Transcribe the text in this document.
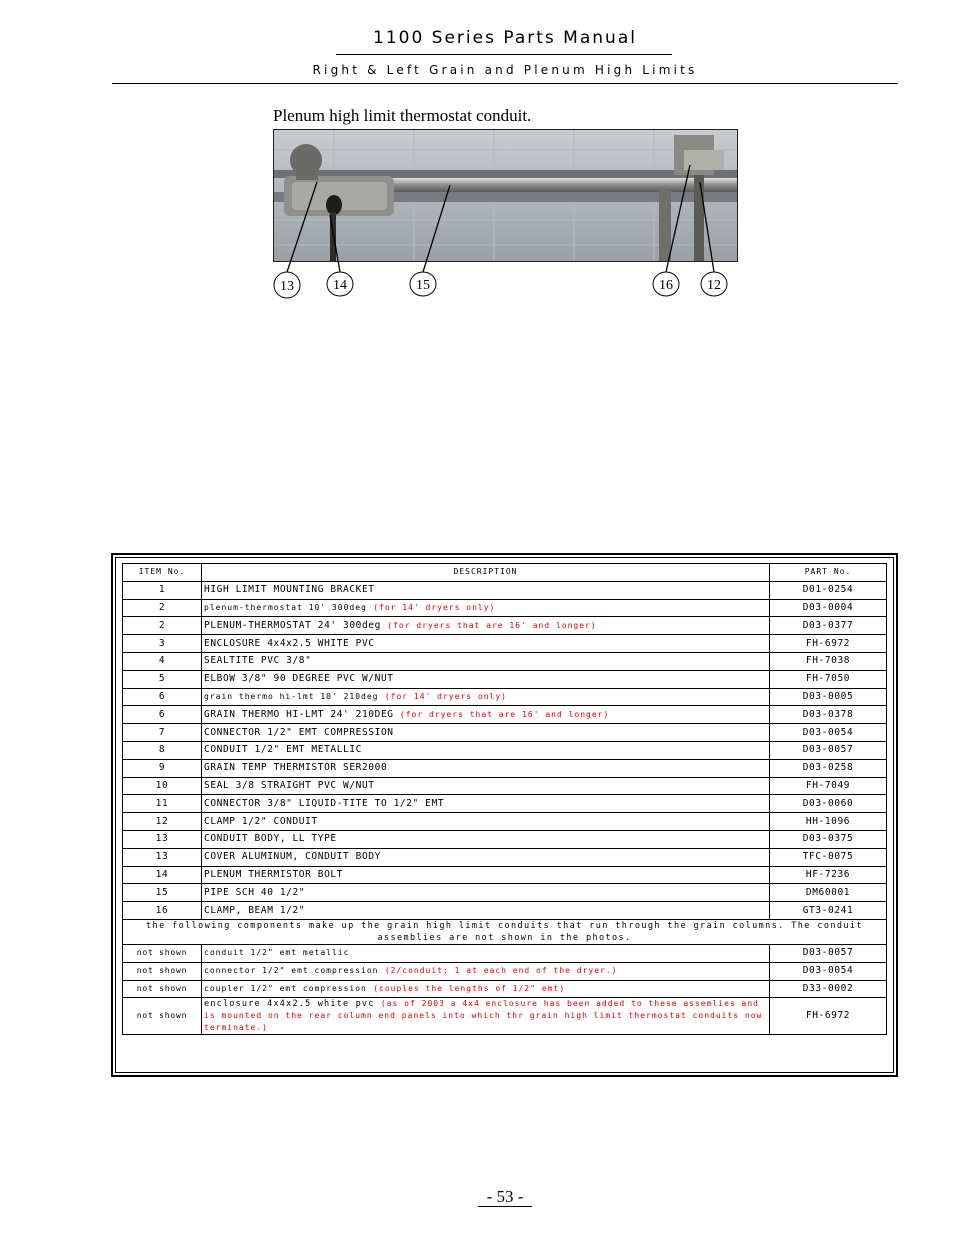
1100 Series Parts Manual
Right & Left Grain and Plenum High Limits
Plenum high limit thermostat conduit.
13	14	15	16 12
ITEM No.	DESCRIPTION	PART No.
1	HIGH LIMIT MOUNTING BRACKET	D01-0254
2	plenum-thermostat 10' 300deg (for 14' dryers only)	D03-0004
2	PLENUM-THERMOSTAT 24' 300deg (for dryers that are 16' and longer)	D03-0377
3	ENCLOSURE 4x4x2.5 WHITE PVC	FH-6972
4	SEALTITE PVC 3/8"	FH-7038
5	ELBOW 3/8" 90 DEGREE PVC W/NUT	FH-7050
6	grain thermo hi-lmt 10' 210deg (for 14' dryers only)	D03-0005
6	GRAIN THERMO HI-LMT 24' 210DEG (for dryers that are 16' and longer)	D03-0378
7	CONNECTOR 1/2" EMT COMPRESSION	D03-0054
8	CONDUIT 1/2" EMT METALLIC	D03-0057
9	GRAIN TEMP THERMISTOR SER2000	D03-0258
10	SEAL 3/8 STRAIGHT PVC W/NUT	FH-7049
11	CONNECTOR 3/8" LIQUID-TITE TO 1/2" EMT	D03-0060
12	CLAMP 1/2" CONDUIT	HH-1096
13	CONDUIT BODY, LL TYPE	D03-0375
13	COVER ALUMINUM, CONDUIT BODY	TFC-0075
14	PLENUM THERMISTOR BOLT	HF-7236
15	PIPE SCH 40 1/2"	DM60001
16	CLAMP, BEAM 1/2"	GT3-0241
the following components make up the grain high limit conduits that run through the grain columns. The conduit assemblies are not shown in the photos.		
not shown	conduit 1/2" emt metallic	D03-0057
not shown	connector 1/2" emt compression (2/conduit; 1 at each end of the dryer.)	D03-0054
not shown	coupler 1/2" emt compression (couples the lengths of 1/2" emt)	D33-0002
not shown	enclosure 4x4x2.5 white pvc (as of 2003 a 4x4 enclosure has been added to these assemlies and is mounted on the rear column end panels into which thr grain high limit thermostat conduits now terminate.)	FH-6972
- 53 -
